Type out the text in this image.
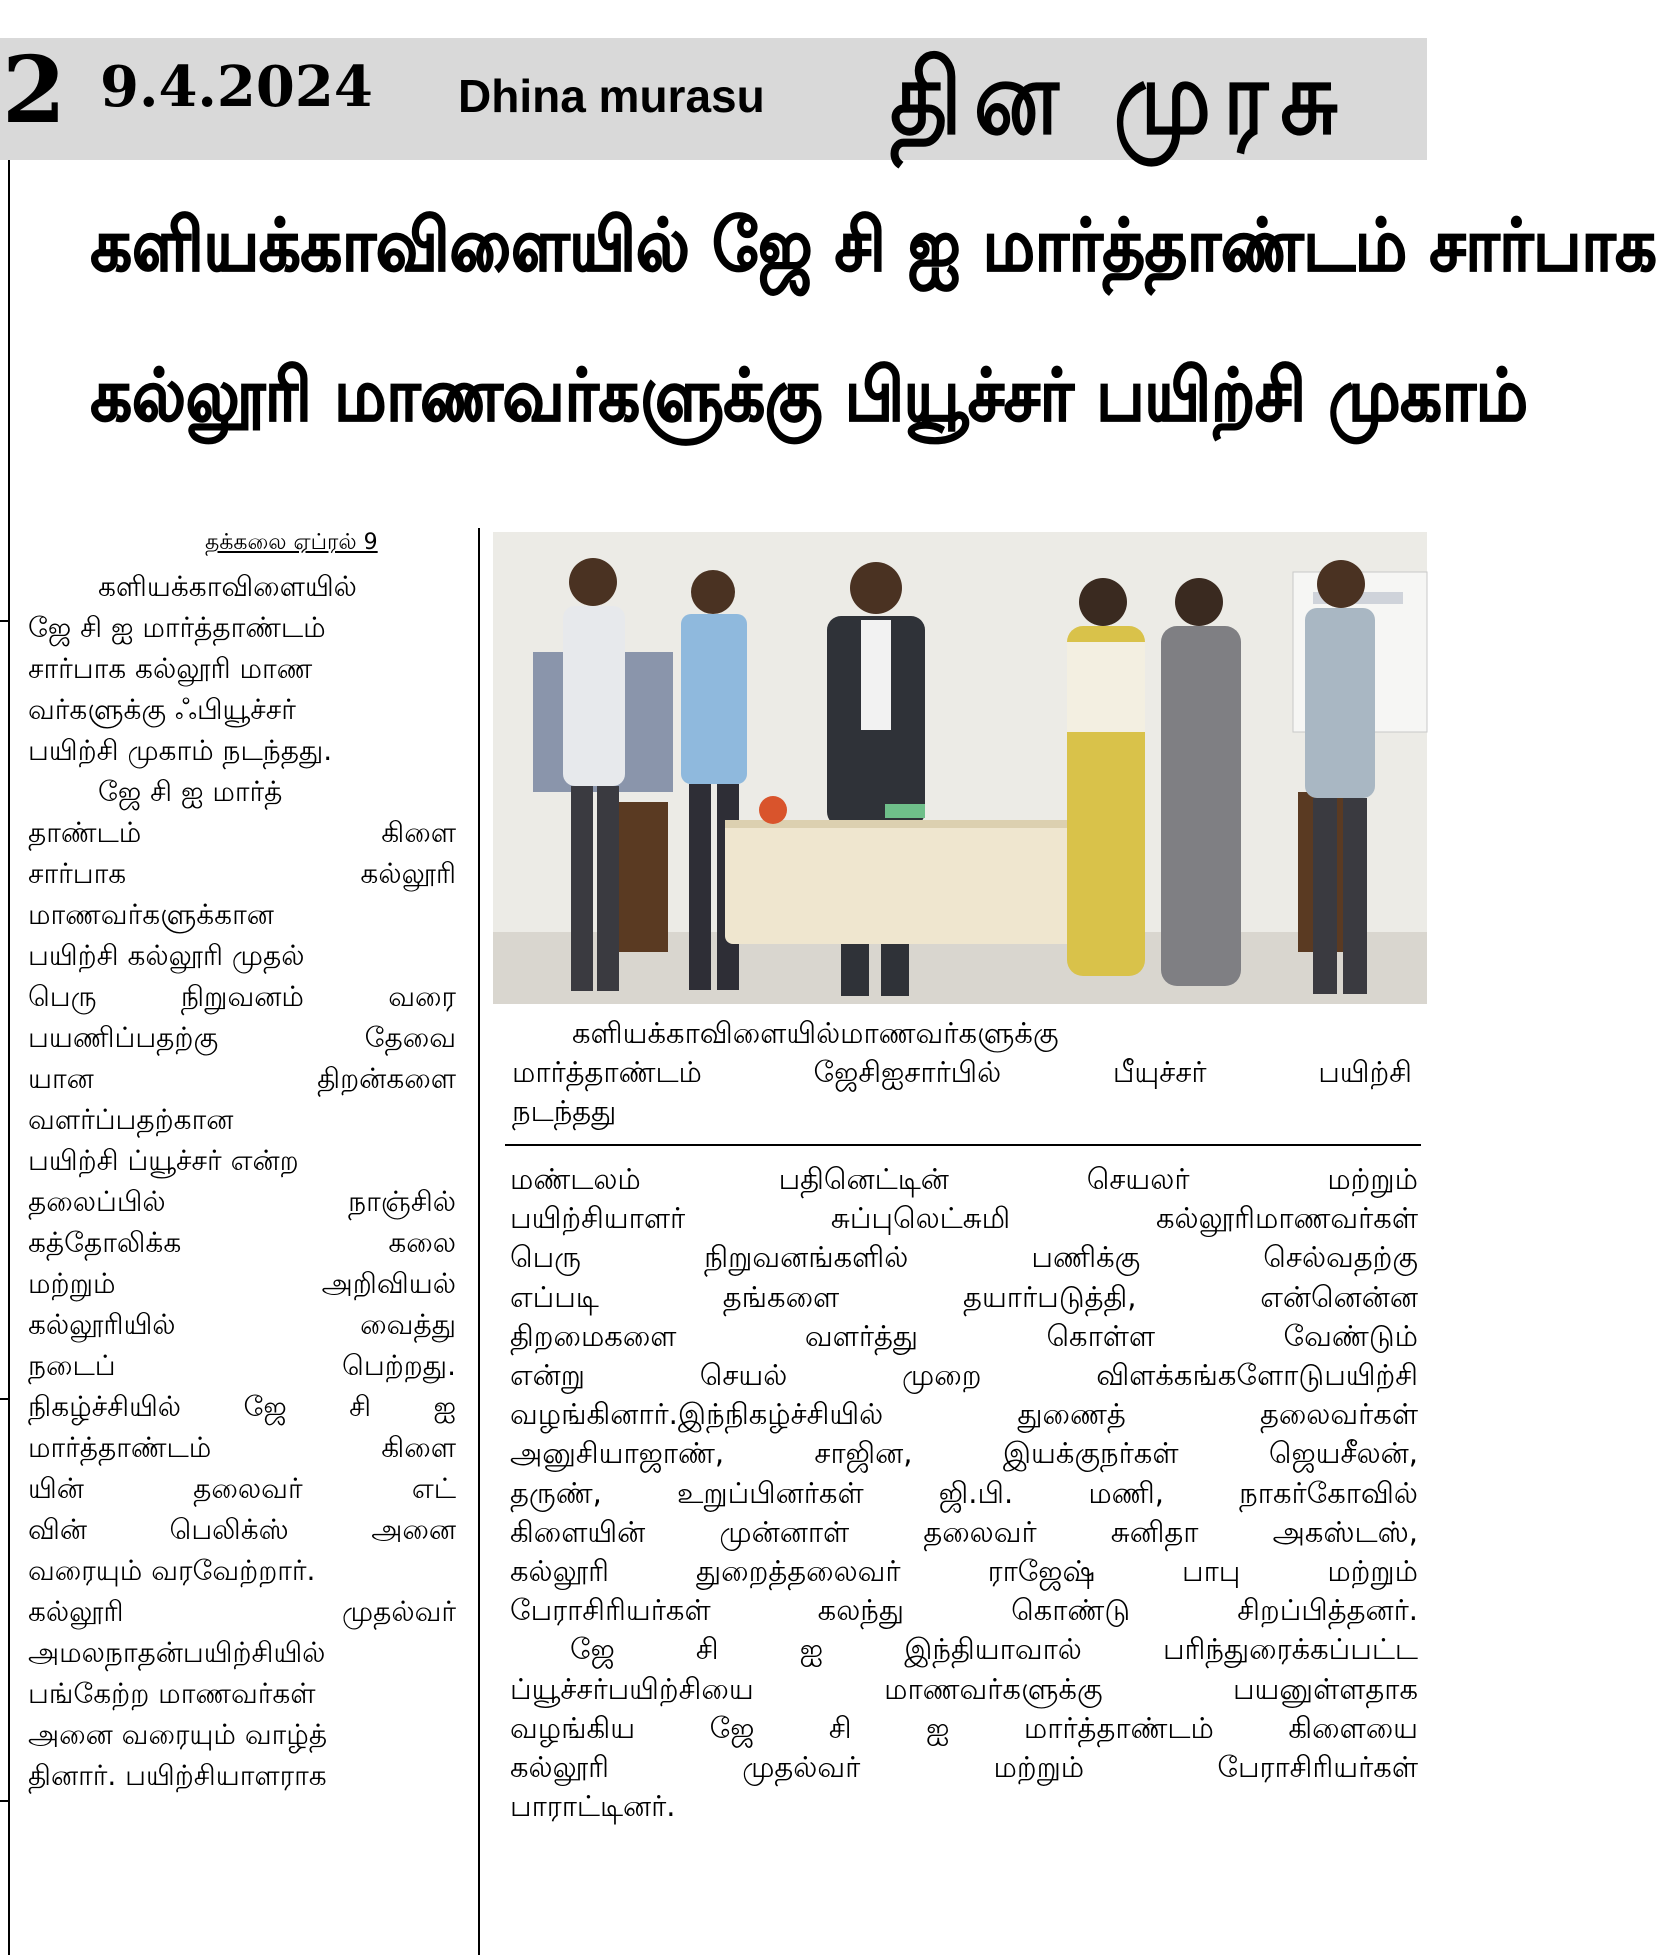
2 9.4.2024 Dhina murasu தின முரசு
களியக்காவிளையில் ஜே சி ஐ மார்த்தாண்டம் சார்பாக
கல்லூரி மாணவர்களுக்கு பியூச்சர் பயிற்சி முகாம்
தக்கலை ஏப்ரல் 9
களியக்காவிளையில்
ஜே சி ஐ மார்த்தாண்டம்
சார்பாக கல்லூரி மாண
வர்களுக்கு ஃபியூச்சர்
பயிற்சி முகாம் நடந்தது.
ஜே சி ஐ மார்த்
தாண்டம் கிளை
சார்பாக கல்லூரி
மாணவர்களுக்கான
பயிற்சி கல்லூரி முதல்
பெரு நிறுவனம் வரை
பயணிப்பதற்கு தேவை
யான திறன்களை
வளர்ப்பதற்கான
பயிற்சி ப்யூச்சர் என்ற
தலைப்பில் நாஞ்சில்
கத்தோலிக்க கலை
மற்றும் அறிவியல்
கல்லூரியில் வைத்து
நடைப் பெற்றது.
நிகழ்ச்சியில் ஜே சி ஐ
மார்த்தாண்டம் கிளை
யின் தலைவர் எட்
வின் பெலிக்ஸ் அனை
வரையும் வரவேற்றார்.
கல்லூரி முதல்வர்
அமலநாதன்பயிற்சியில்
பங்கேற்ற மாணவர்கள்
அனை வரையும் வாழ்த்
தினார். பயிற்சியாளராக
களியக்காவிளையில்மாணவர்களுக்கு
மார்த்தாண்டம் ஜேசிஐசார்பில் பீயுச்சர் பயிற்சி
நடந்தது
மண்டலம் பதினெட்டின் செயலர் மற்றும்
பயிற்சியாளர் சுப்புலெட்சுமி கல்லூரிமாணவர்கள்
பெரு நிறுவனங்களில் பணிக்கு செல்வதற்கு
எப்படி தங்களை தயார்படுத்தி, என்னென்ன
திறமைகளை வளர்த்து கொள்ள வேண்டும்
என்று செயல் முறை விளக்கங்களோடுபயிற்சி
வழங்கினார்.இந்நிகழ்ச்சியில் துணைத் தலைவர்கள்
அனுசியாஜாண், சாஜின, இயக்குநர்கள் ஜெயசீலன்,
தருண், உறுப்பினர்கள் ஜி.பி. மணி, நாகர்கோவில்
கிளையின் முன்னாள் தலைவர் சுனிதா அகஸ்டஸ்,
கல்லூரி துறைத்தலைவர் ராஜேஷ் பாபு மற்றும்
பேராசிரியர்கள் கலந்து கொண்டு சிறப்பித்தனர்.
ஜே சி ஐ இந்தியாவால் பரிந்துரைக்கப்பட்ட
ப்யூச்சர்பயிற்சியை மாணவர்களுக்கு பயனுள்ளதாக
வழங்கிய ஜே சி ஐ மார்த்தாண்டம் கிளையை
கல்லூரி முதல்வர் மற்றும் பேராசிரியர்கள்
பாராட்டினர்.
